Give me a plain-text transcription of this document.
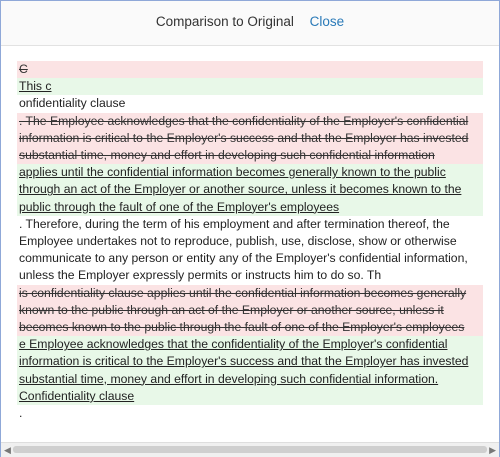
Comparison to Original Close
C
This c
onfidentiality clause
. The Employee acknowledges that the confidentiality of the Employer's confidential information is critical to the Employer's success and that the Employer has invested substantial time, money and effort in developing such confidential information
applies until the confidential information becomes generally known to the public through an act of the Employer or another source, unless it becomes known to the public through the fault of one of the Employer's employees
. Therefore, during the term of his employment and after termination thereof, the Employee undertakes not to reproduce, publish, use, disclose, show or otherwise communicate to any person or entity any of the Employer's confidential information, unless the Employer expressly permits or instructs him to do so. Th
is confidentiality clause applies until the confidential information becomes generally known to the public through an act of the Employer or another source, unless it becomes known to the public through the fault of one of the Employer's employees
e Employee acknowledges that the confidentiality of the Employer's confidential information is critical to the Employer's success and that the Employer has invested substantial time, money and effort in developing such confidential information. Confidentiality clause
.
◀	▶
